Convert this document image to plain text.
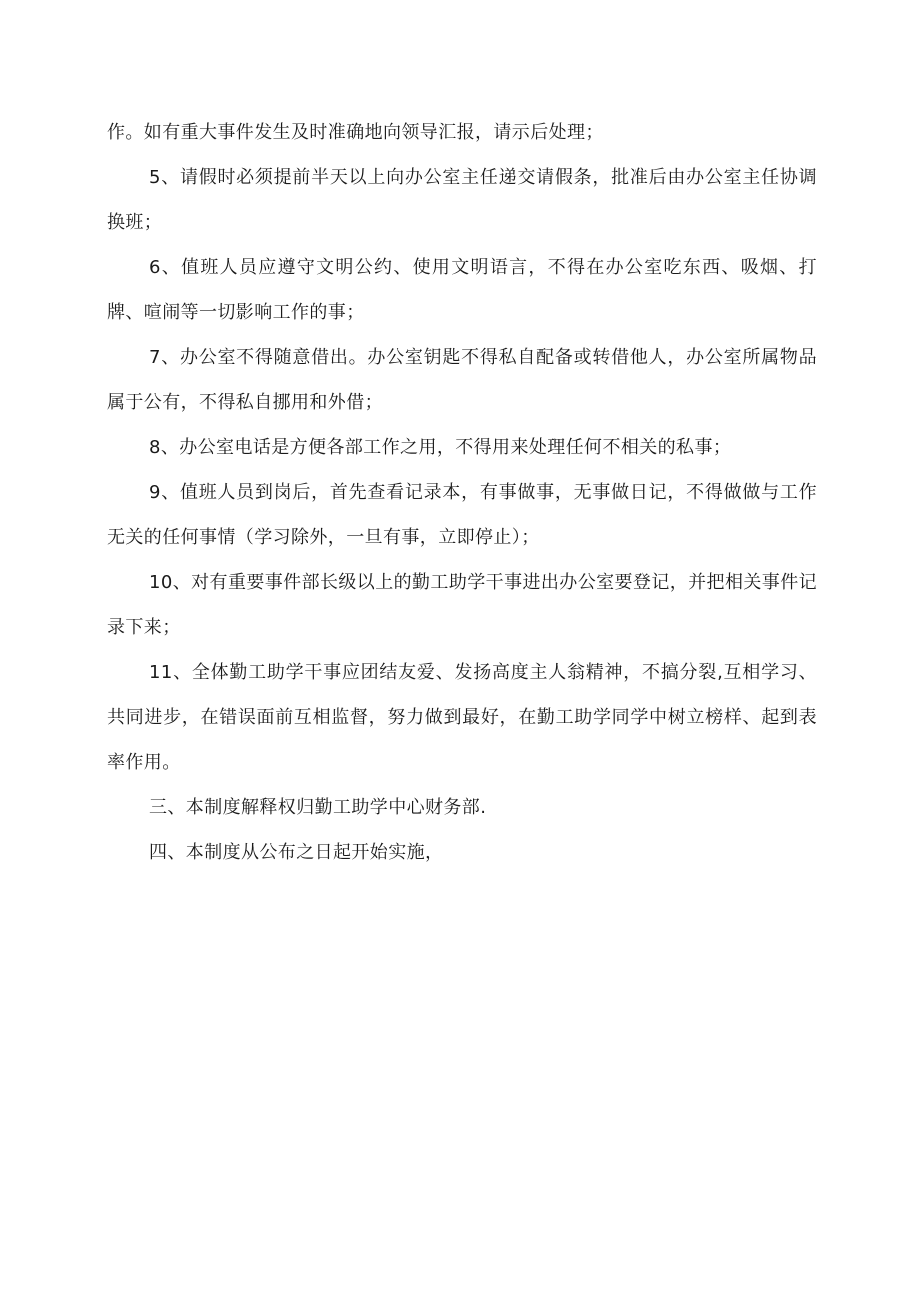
作。如有重大事件发生及时准确地向领导汇报，请示后处理；

5、请假时必须提前半天以上向办公室主任递交请假条，批准后由办公室主任协调换班；

6、值班人员应遵守文明公约、使用文明语言，不得在办公室吃东西、吸烟、打牌、喧闹等一切影响工作的事；

7、办公室不得随意借出。办公室钥匙不得私自配备或转借他人，办公室所属物品属于公有，不得私自挪用和外借；

8、办公室电话是方便各部工作之用，不得用来处理任何不相关的私事；

9、值班人员到岗后，首先查看记录本，有事做事，无事做日记，不得做做与工作无关的任何事情（学习除外，一旦有事，立即停止）；

10、对有重要事件部长级以上的勤工助学干事进出办公室要登记，并把相关事件记录下来；

11、全体勤工助学干事应团结友爱、发扬高度主人翁精神，不搞分裂,互相学习、共同进步，在错误面前互相监督，努力做到最好，在勤工助学同学中树立榜样、起到表率作用。

三、本制度解释权归勤工助学中心财务部.

四、本制度从公布之日起开始实施，
